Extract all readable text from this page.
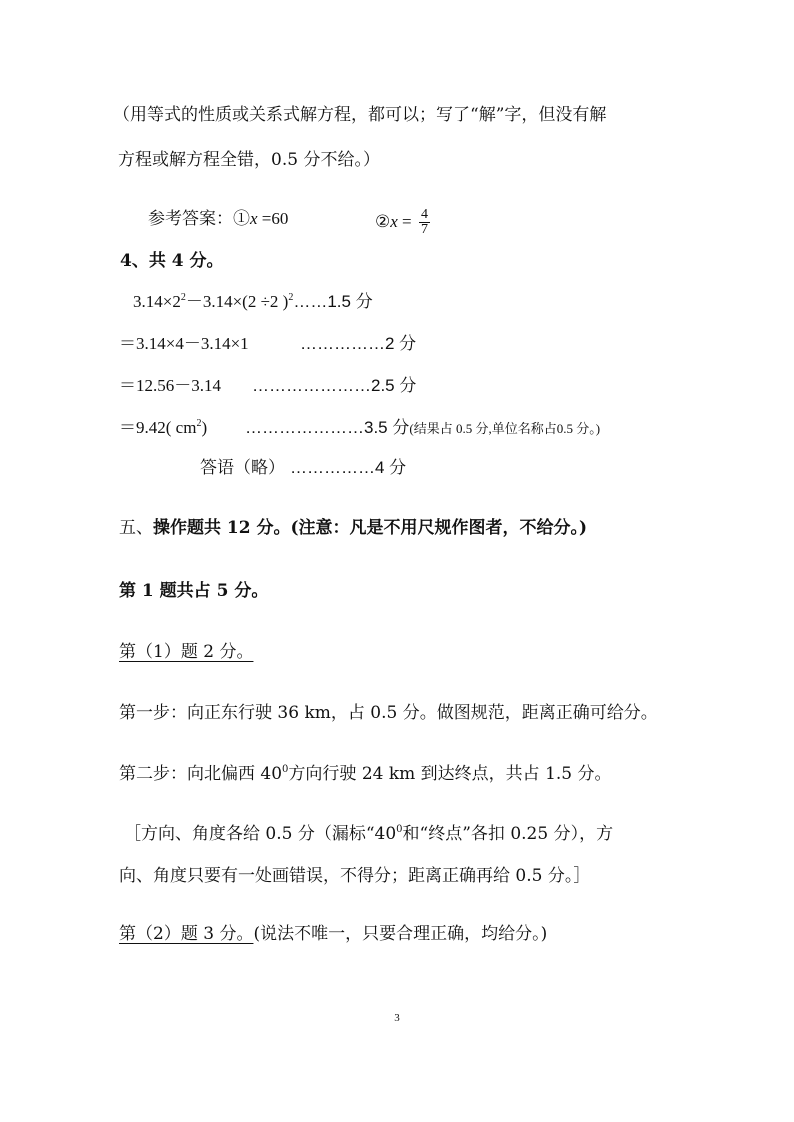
（用等式的性质或关系式解方程，都可以；写了“解”字，但没有解
方程或解方程全错，0.5 分不给。）
参考答案：①x =60	②x = $\frac{4}{7}$
4、共 4 分。
$3.14\times 2^2-3.14\times(2 \div 2$ )$^2$……1.5 分
＝3.14×4－3.14×1	……………2 分
＝12.56－3.14 …………………2.5 分
＝9.42( $cm^2$) …………………3.5 分(结果占 0.5 分,单位名称占0.5 分。)
答语（略） ……………4 分
五、操作题共 12 分。(注意：凡是不用尺规作图者，不给分。)
第 1 题共占 5 分。
第（1）题 2 分。
第一步：向正东行驶 36 km，占 0.5 分。做图规范，距离正确可给分。
第二步：向北偏西 $40^0$方向行驶 24 km 到达终点，共占 1.5 分。
［方向、角度各给 0.5 分（漏标“$40^0$和“终点”各扣 0.25 分），方
向、角度只要有一处画错误，不得分；距离正确再给 0.5 分。］
第（2）题 3 分。(说法不唯一，只要合理正确，均给分。)
3
